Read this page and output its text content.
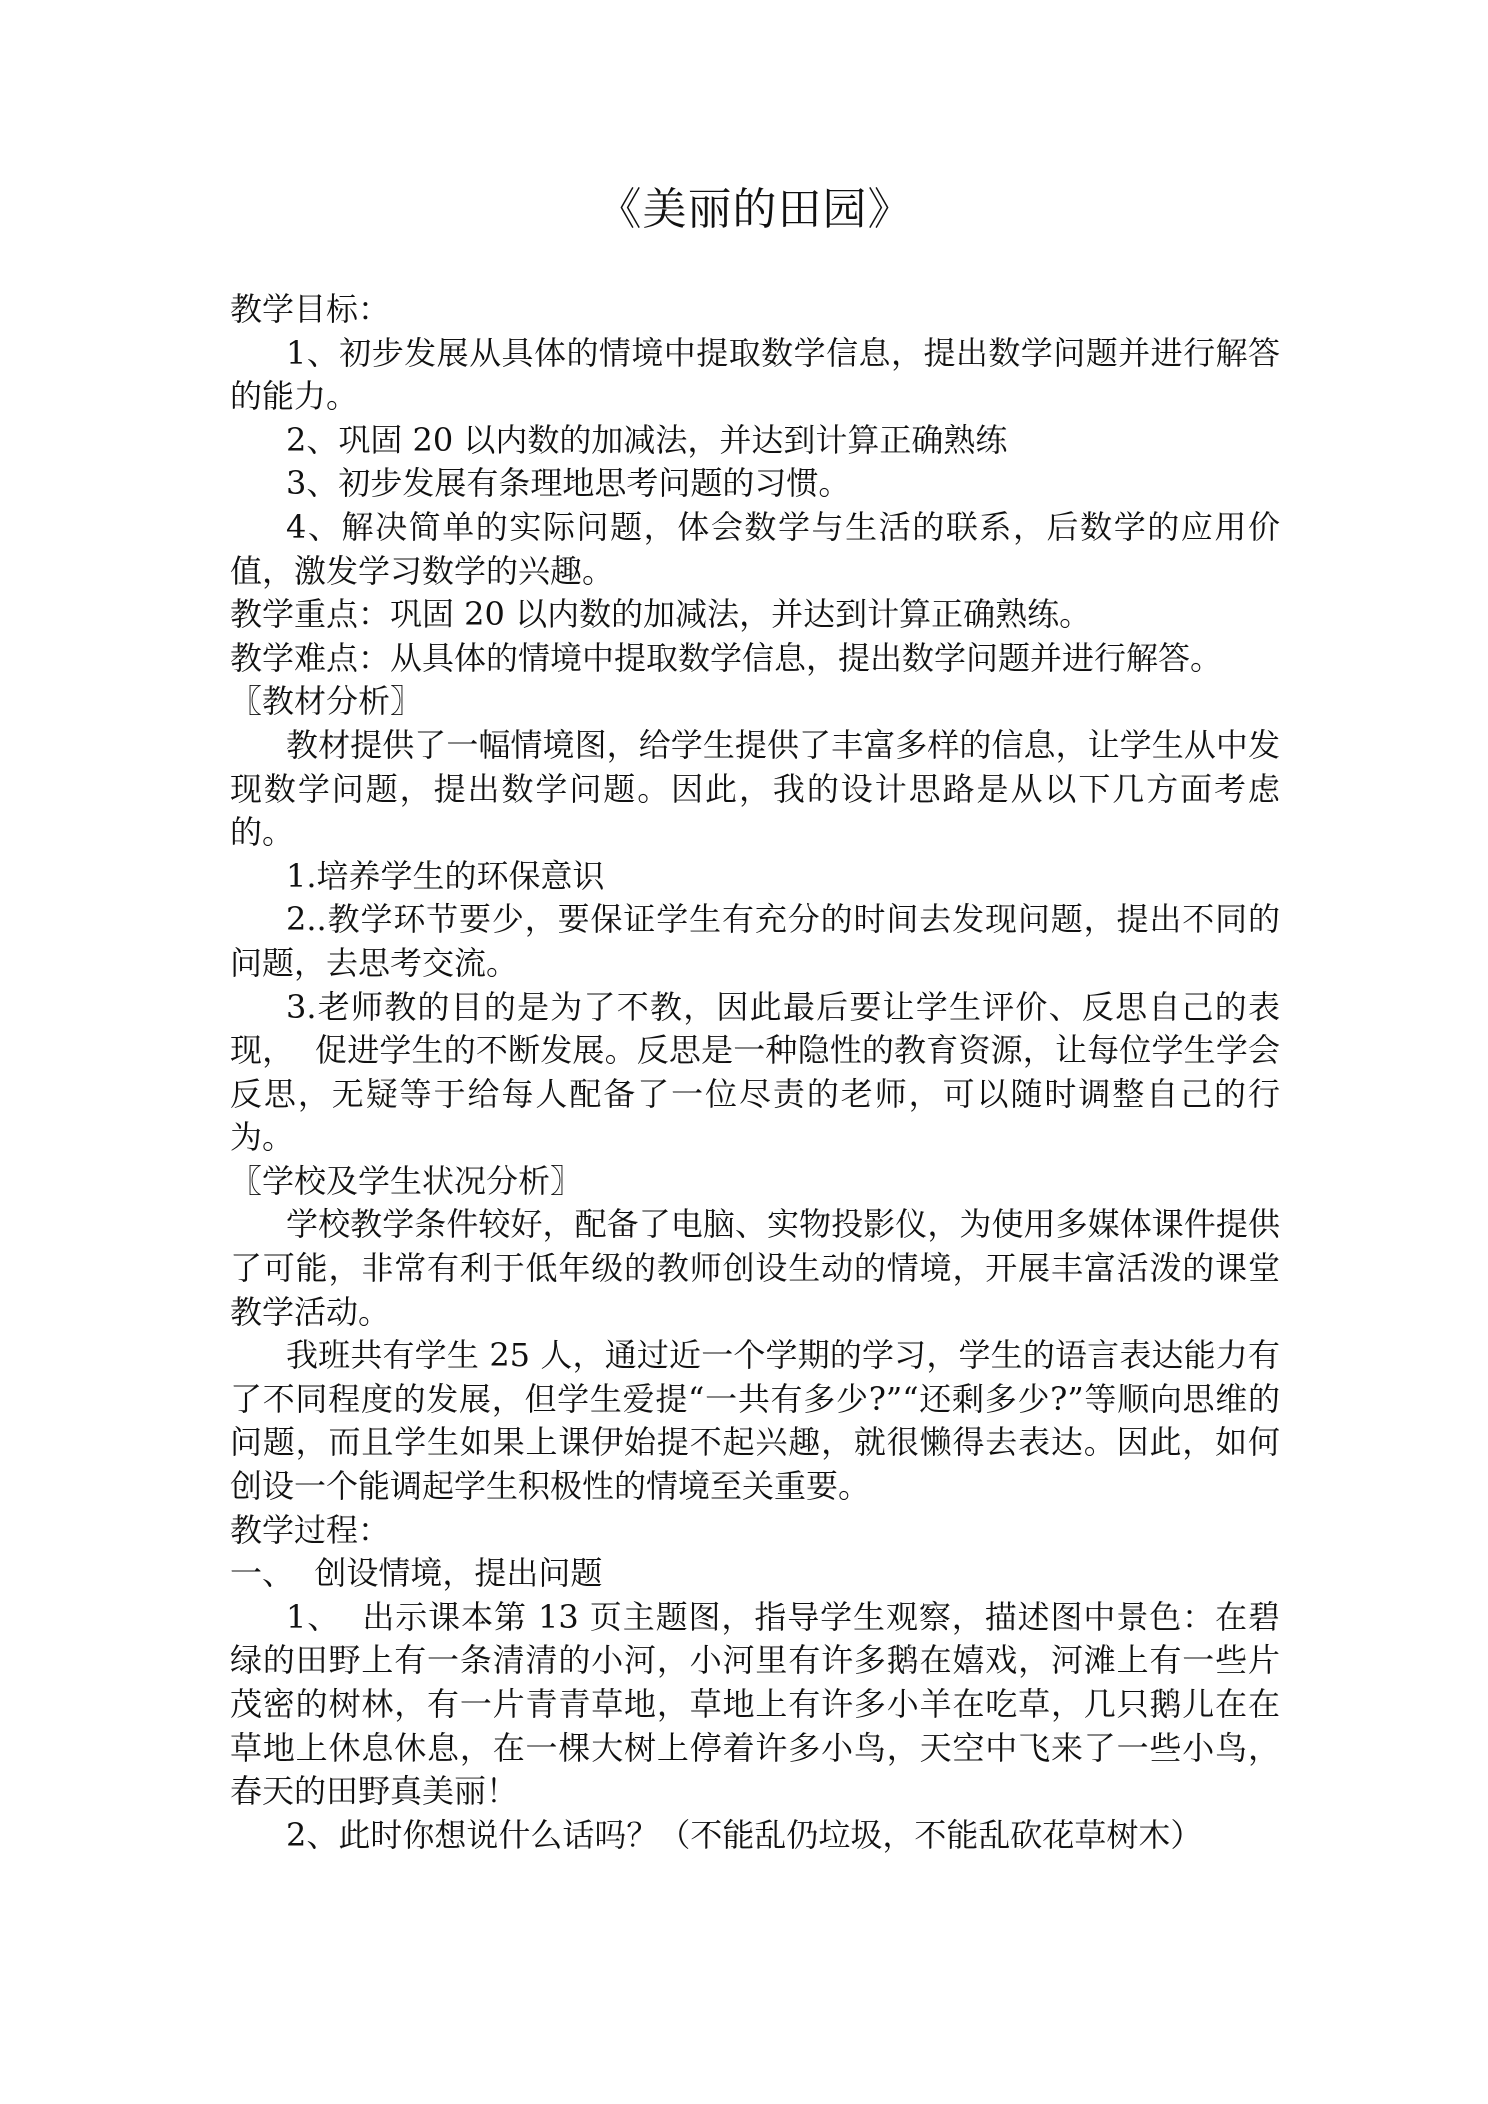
《美丽的田园》
教学目标：
1、初步发展从具体的情境中提取数学信息，提出数学问题并进行解答的能力。
2、巩固 20 以内数的加减法，并达到计算正确熟练
3、初步发展有条理地思考问题的习惯。
4、解决简单的实际问题，体会数学与生活的联系，后数学的应用价值，激发学习数学的兴趣。
教学重点：巩固 20 以内数的加减法，并达到计算正确熟练。
教学难点：从具体的情境中提取数学信息，提出数学问题并进行解答。
〖教材分析〗
教材提供了一幅情境图，给学生提供了丰富多样的信息，让学生从中发现数学问题，提出数学问题。因此，我的设计思路是从以下几方面考虑的。
1.培养学生的环保意识
2..教学环节要少，要保证学生有充分的时间去发现问题，提出不同的问题，去思考交流。
3.老师教的目的是为了不教，因此最后要让学生评价、反思自己的表现，  促进学生的不断发展。反思是一种隐性的教育资源，让每位学生学会反思，无疑等于给每人配备了一位尽责的老师，可以随时调整自己的行为。
〖学校及学生状况分析〗
学校教学条件较好，配备了电脑、实物投影仪，为使用多媒体课件提供了可能，非常有利于低年级的教师创设生动的情境，开展丰富活泼的课堂教学活动。
我班共有学生 25 人，通过近一个学期的学习，学生的语言表达能力有了不同程度的发展，但学生爱提“一共有多少?”“还剩多少?”等顺向思维的问题，而且学生如果上课伊始提不起兴趣，就很懒得去表达。因此，如何创设一个能调起学生积极性的情境至关重要。
教学过程：
一、  创设情境，提出问题
1、  出示课本第 13 页主题图，指导学生观察，描述图中景色：在碧绿的田野上有一条清清的小河，小河里有许多鹅在嬉戏，河滩上有一些片茂密的树林，有一片青青草地，草地上有许多小羊在吃草，几只鹅儿在在草地上休息休息，在一棵大树上停着许多小鸟，天空中飞来了一些小鸟，春天的田野真美丽！
2、此时你想说什么话吗？（不能乱仍垃圾，不能乱砍花草树木）
